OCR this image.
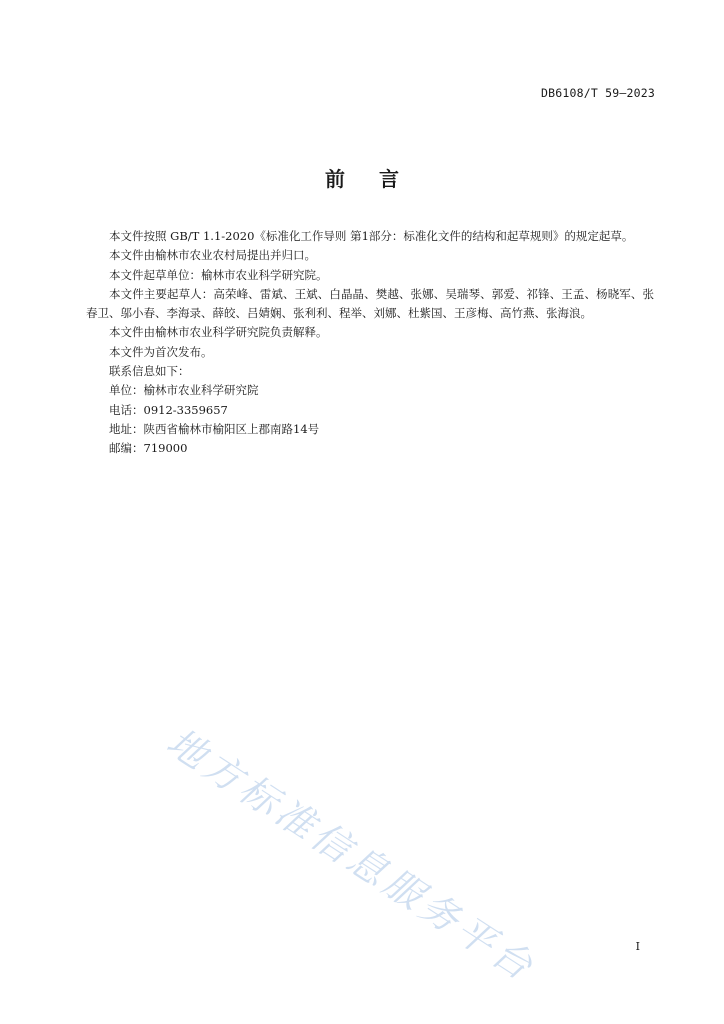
DB6108/T 59—2023
前 言

本文件按照 GB/T 1.1-2020《标准化工作导则 第1部分：标准化文件的结构和起草规则》的规定起草。

本文件由榆林市农业农村局提出并归口。

本文件起草单位：榆林市农业科学研究院。

本文件主要起草人：高荣峰、雷斌、王斌、白晶晶、樊越、张娜、吴瑞琴、郭爱、祁锋、王孟、杨晓军、张春卫、邬小春、李海录、薛皎、吕婧娴、张利利、程举、刘娜、杜紫国、王彦梅、高竹燕、张海浪。

本文件由榆林市农业科学研究院负责解释。

本文件为首次发布。

联系信息如下：

单位：榆林市农业科学研究院

电话：0912-3359657

地址：陕西省榆林市榆阳区上郡南路14号

邮编：719000

地方标准信息服务平台	I
